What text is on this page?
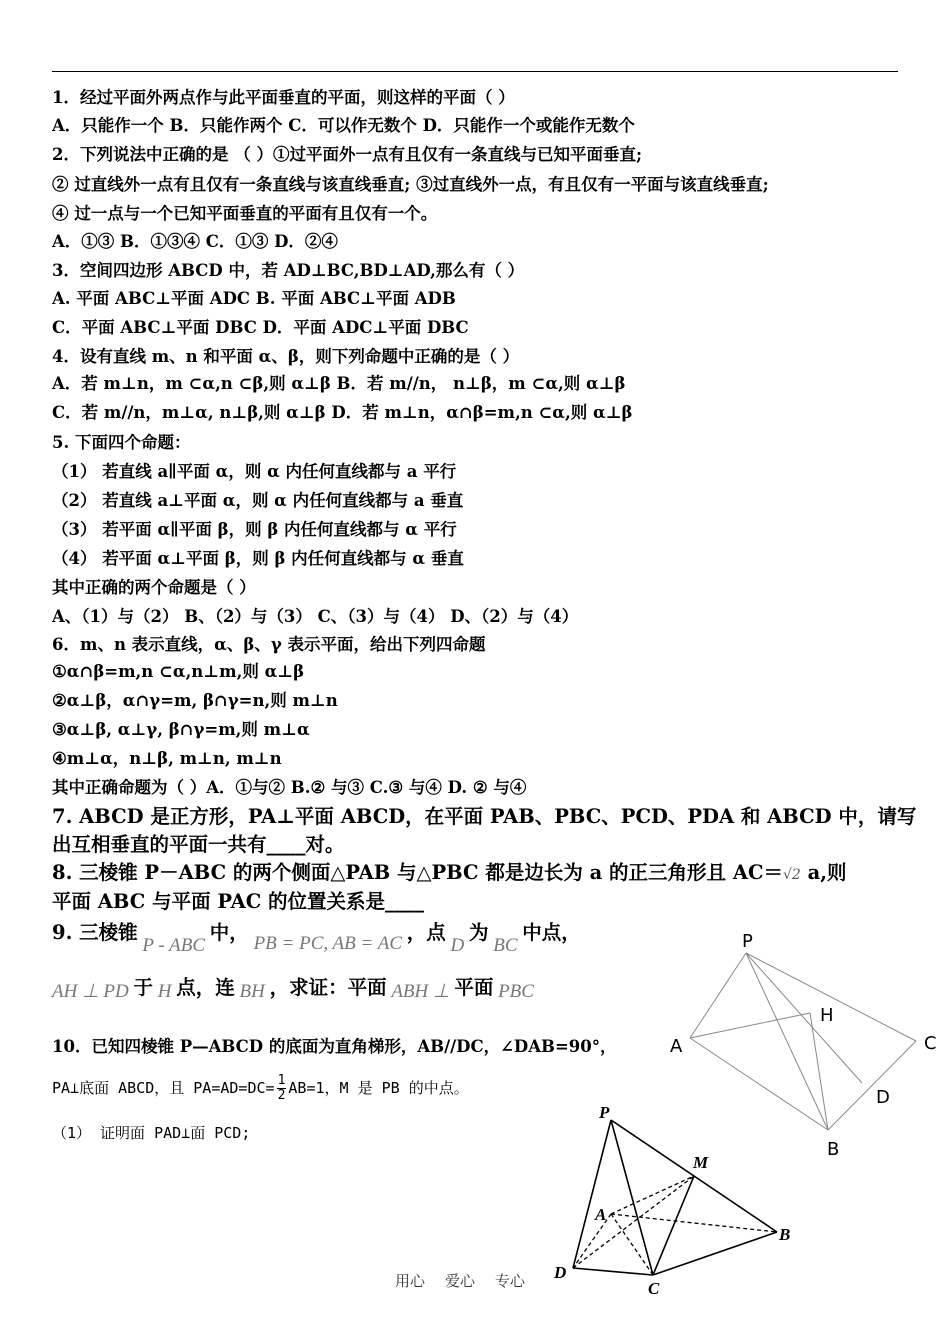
1．经过平面外两点作与此平面垂直的平面，则这样的平面（ ）
A．只能作一个 B．只能作两个 C．可以作无数个 D．只能作一个或能作无数个
2．下列说法中正确的是 （ ）①过平面外一点有且仅有一条直线与已知平面垂直;
② 过直线外一点有且仅有一条直线与该直线垂直; ③过直线外一点，有且仅有一平面与该直线垂直;
④ 过一点与一个已知平面垂直的平面有且仅有一个。
A．①③ B．①③④ C．①③ D．②④
3．空间四边形 ABCD 中，若 AD⊥BC,BD⊥AD,那么有（ ）
A. 平面 ABC⊥平面 ADC B. 平面 ABC⊥平面 ADB
C．平面 ABC⊥平面 DBC D．平面 ADC⊥平面 DBC
4．设有直线 m、n 和平面 α、β，则下列命题中正确的是（ ）
A．若 m⊥n，m ⊂α,n ⊂β,则 α⊥β B．若 m//n， n⊥β，m ⊂α,则 α⊥β
C．若 m//n，m⊥α, n⊥β,则 α⊥β D．若 m⊥n，α∩β=m,n ⊂α,则 α⊥β
5. 下面四个命题：
（1） 若直线 a∥平面 α，则 α 内任何直线都与 a 平行
（2） 若直线 a⊥平面 α，则 α 内任何直线都与 a 垂直
（3） 若平面 α∥平面 β，则 β 内任何直线都与 α 平行
（4） 若平面 α⊥平面 β，则 β 内任何直线都与 α 垂直
其中正确的两个命题是（ ）
A、（1）与（2） B、（2）与（3） C、（3）与（4） D、（2）与（4）
6．m、n 表示直线，α、β、γ 表示平面，给出下列四命题
①α∩β=m,n ⊂α,n⊥m,则 α⊥β
②α⊥β，α∩γ=m, β∩γ=n,则 m⊥n
③α⊥β, α⊥γ, β∩γ=m,则 m⊥α
④m⊥α，n⊥β, m⊥n, m⊥n
其中正确命题为（ ）A．①与② B.② 与③ C.③ 与④ D. ② 与④
7. ABCD 是正方形，PA⊥平面 ABCD，在平面 PAB、PBC、PCD、PDA 和 ABCD 中，请写
出互相垂直的平面一共有____对。
8. 三棱锥 P－ABC 的两个侧面△PAB 与△PBC 都是边长为 a 的正三角形且 AC＝√2 a,则
平面 ABC 与平面 PAC 的位置关系是____
9. 三棱锥 P - ABC 中， PB = PC, AB = AC ，点 D 为 BC 中点，
AH ⊥ PD 于 H 点，连 BH ，求证：平面 ABH ⊥ 平面 PBC
10．已知四棱锥 P—ABCD 的底面为直角梯形，AB//DC，∠DAB=90°，
PA⊥底面 ABCD，且 $PA=AD=DC= \frac{1}{2} AB=1$，M 是 PB 的中点。
（1） 证明面 PAD⊥面 PCD;
P
A	C
H
D
B
P
M
A
B
D
C
用心 爱心 专心
